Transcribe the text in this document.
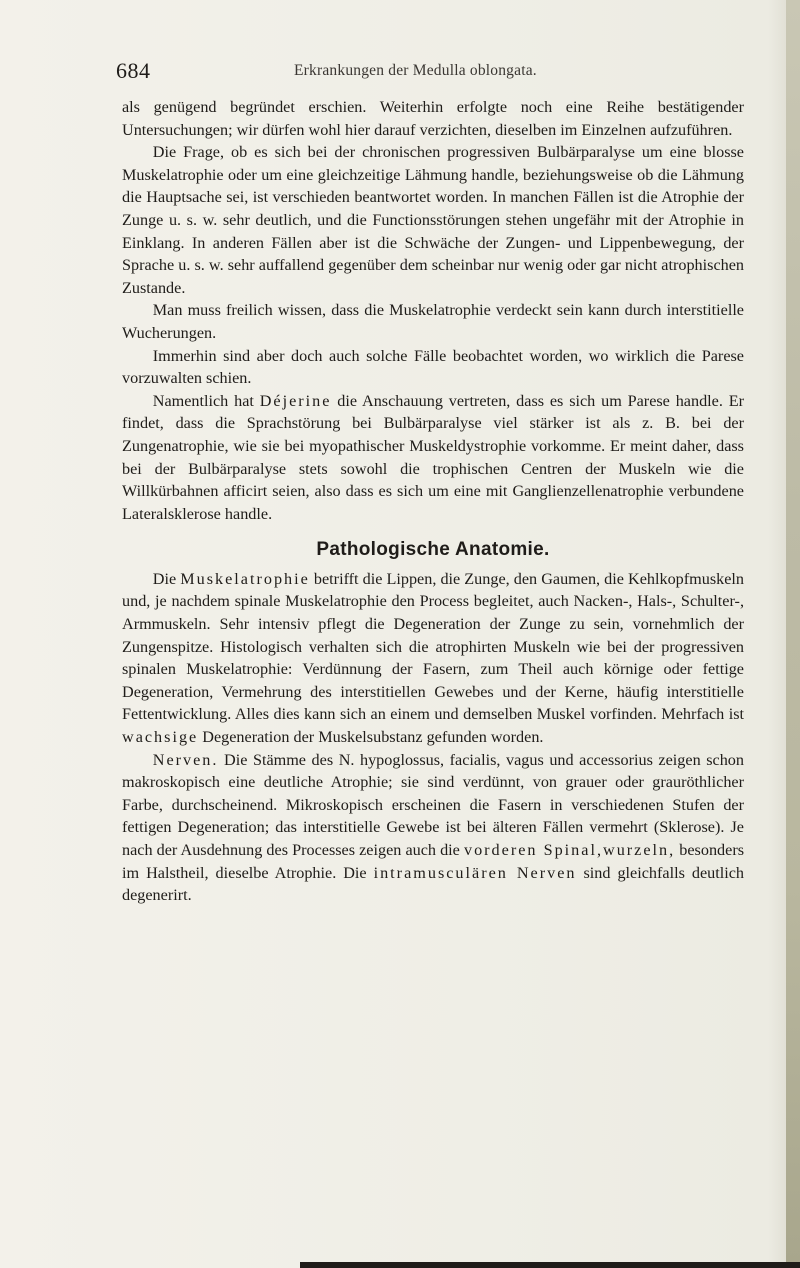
684	Erkrankungen der Medulla oblongata.

als genügend begründet erschien. Weiterhin erfolgte noch eine Reihe bestätigender Untersuchungen; wir dürfen wohl hier darauf verzichten, dieselben im Einzelnen aufzuführen.

Die Frage, ob es sich bei der chronischen progressiven Bulbärparalyse um eine blosse Muskelatrophie oder um eine gleichzeitige Lähmung handle, beziehungsweise ob die Lähmung die Hauptsache sei, ist verschieden beantwortet worden. In manchen Fällen ist die Atrophie der Zunge u. s. w. sehr deutlich, und die Functionsstörungen stehen ungefähr mit der Atrophie in Einklang. In anderen Fällen aber ist die Schwäche der Zungen- und Lippenbewegung, der Sprache u. s. w. sehr auffallend gegenüber dem scheinbar nur wenig oder gar nicht atrophischen Zustande.

Man muss freilich wissen, dass die Muskelatrophie verdeckt sein kann durch interstitielle Wucherungen.

Immerhin sind aber doch auch solche Fälle beobachtet worden, wo wirklich die Parese vorzuwalten schien.

Namentlich hat Déjerine die Anschauung vertreten, dass es sich um Parese handle. Er findet, dass die Sprachstörung bei Bulbärparalyse viel stärker ist als z. B. bei der Zungenatrophie, wie sie bei myopathischer Muskeldystrophie vorkomme. Er meint daher, dass bei der Bulbärparalyse stets sowohl die trophischen Centren der Muskeln wie die Willkürbahnen afficirt seien, also dass es sich um eine mit Ganglienzellenatrophie verbundene Lateralsklerose handle.

Pathologische Anatomie.

Die Muskelatrophie betrifft die Lippen, die Zunge, den Gaumen, die Kehlkopfmuskeln und, je nachdem spinale Muskelatrophie den Process begleitet, auch Nacken-, Hals-, Schulter-, Armmuskeln. Sehr intensiv pflegt die Degeneration der Zunge zu sein, vornehmlich der Zungenspitze. Histologisch verhalten sich die atrophirten Muskeln wie bei der progressiven spinalen Muskelatrophie: Verdünnung der Fasern, zum Theil auch körnige oder fettige Degeneration, Vermehrung des interstitiellen Gewebes und der Kerne, häufig interstitielle Fettentwicklung. Alles dies kann sich an einem und demselben Muskel vorfinden. Mehrfach ist wachsige Degeneration der Muskelsubstanz gefunden worden.

Nerven. Die Stämme des N. hypoglossus, facialis, vagus und accessorius zeigen schon makroskopisch eine deutliche Atrophie; sie sind verdünnt, von grauer oder grauröthlicher Farbe, durchscheinend. Mikroskopisch erscheinen die Fasern in verschiedenen Stufen der fettigen Degeneration; das interstitielle Gewebe ist bei älteren Fällen vermehrt (Sklerose). Je nach der Ausdehnung des Processes zeigen auch die vorderen Spinal,wurzeln, besonders im Halstheil, dieselbe Atrophie. Die intramusculären Nerven sind gleichfalls deutlich degenerirt.
